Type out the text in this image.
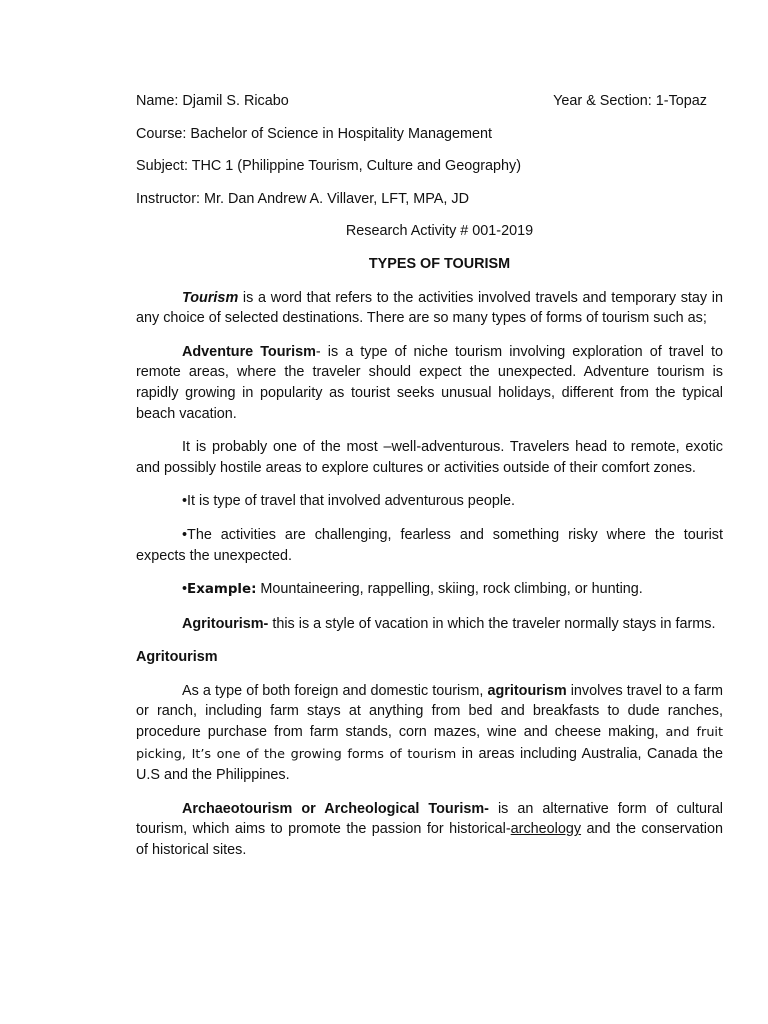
Name: Djamil S. Ricabo	Year & Section: 1-Topaz

Course: Bachelor of Science in Hospitality Management

Subject: THC 1 (Philippine Tourism, Culture and Geography)

Instructor: Mr. Dan Andrew A. Villaver, LFT, MPA, JD

Research Activity # 001-2019

TYPES OF TOURISM

Tourism is a word that refers to the activities involved travels and temporary stay in any choice of selected destinations. There are so many types of forms of tourism such as;

Adventure Tourism- is a type of niche tourism involving exploration of travel to remote areas, where the traveler should expect the unexpected. Adventure tourism is rapidly growing in popularity as tourist seeks unusual holidays, different from the typical beach vacation.

It is probably one of the most –well-adventurous. Travelers head to remote, exotic and possibly hostile areas to explore cultures or activities outside of their comfort zones.

•It is type of travel that involved adventurous people.

•The activities are challenging, fearless and something risky where the tourist expects the unexpected.

•Example: Mountaineering, rappelling, skiing, rock climbing, or hunting.

Agritourism- this is a style of vacation in which the traveler normally stays in farms.

Agritourism

As a type of both foreign and domestic tourism, agritourism involves travel to a farm or ranch, including farm stays at anything from bed and breakfasts to dude ranches, procedure purchase from farm stands, corn mazes, wine and cheese making, and fruit picking, It’s one of the growing forms of tourism in areas including Australia, Canada the U.S and the Philippines.

Archaeotourism or Archeological Tourism- is an alternative form of cultural tourism, which aims to promote the passion for historical-archeology and the conservation of historical sites.
